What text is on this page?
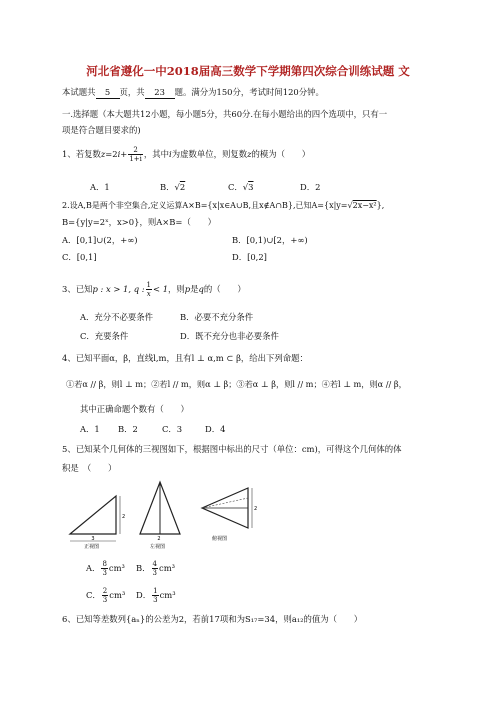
河北省遵化一中2018届高三数学下学期第四次综合训练试题 文
本试题共 5 页，共 23 题。满分为150分，考试时间120分钟。
一.选择题（本大题共12小题，每小题5分，共60分.在每小题给出的四个选项中，只有一
项是符合题目要求的)
1、若复数$z=2i+ \frac{2}{1+i}$ ，其中i为虚数单位，则复数z的模为（　　）
A．1	B．√2	C．√3	D．2
2.设A,B是两个非空集合,定义运算A×B={x|x∈A∪B,且x∉A∩B},已知A={x|y=√2x−x²},
B={y|y=2ˣ，x>0}，则A×B=（　　）
A．[0,1]∪(2，+∞)	B．[0,1)∪[2，+∞)
C．[0,1]	D．[0,2]
3、已知p : x > 1, q : $\frac{1}{x} < 1$，则p是q的（　　）
A．充分不必要条件	B．必要不充分条件
C．充要条件	D．既不充分也非必要条件
4、已知平面α，β，直线l,m，且有l ⊥ α,m ⊂ β，给出下列命题：
①若α // β，则l ⊥ m；②若l // m，则α ⊥ β；③若α ⊥ β，则l // m；④若l ⊥ m，则α // β，
其中正确命题个数有（　　）
A．1 B．2	C．3	D．4
5、已知某个几何体的三视图如下，根据图中标出的尺寸（单位：cm)，可得这个几何体的体
积是　（　　）
3
2
正视图
2
左视图
2
俯视图
A． $\frac{8}{3} cm^3$ B． $\frac{4}{3} cm^3$
C． $\frac{2}{3} cm^3$ D． $\frac{1}{3} cm^3$
6、已知等差数列{aₙ}的公差为2，若前17项和为S₁₇=34，则a₁₂的值为（　　）
